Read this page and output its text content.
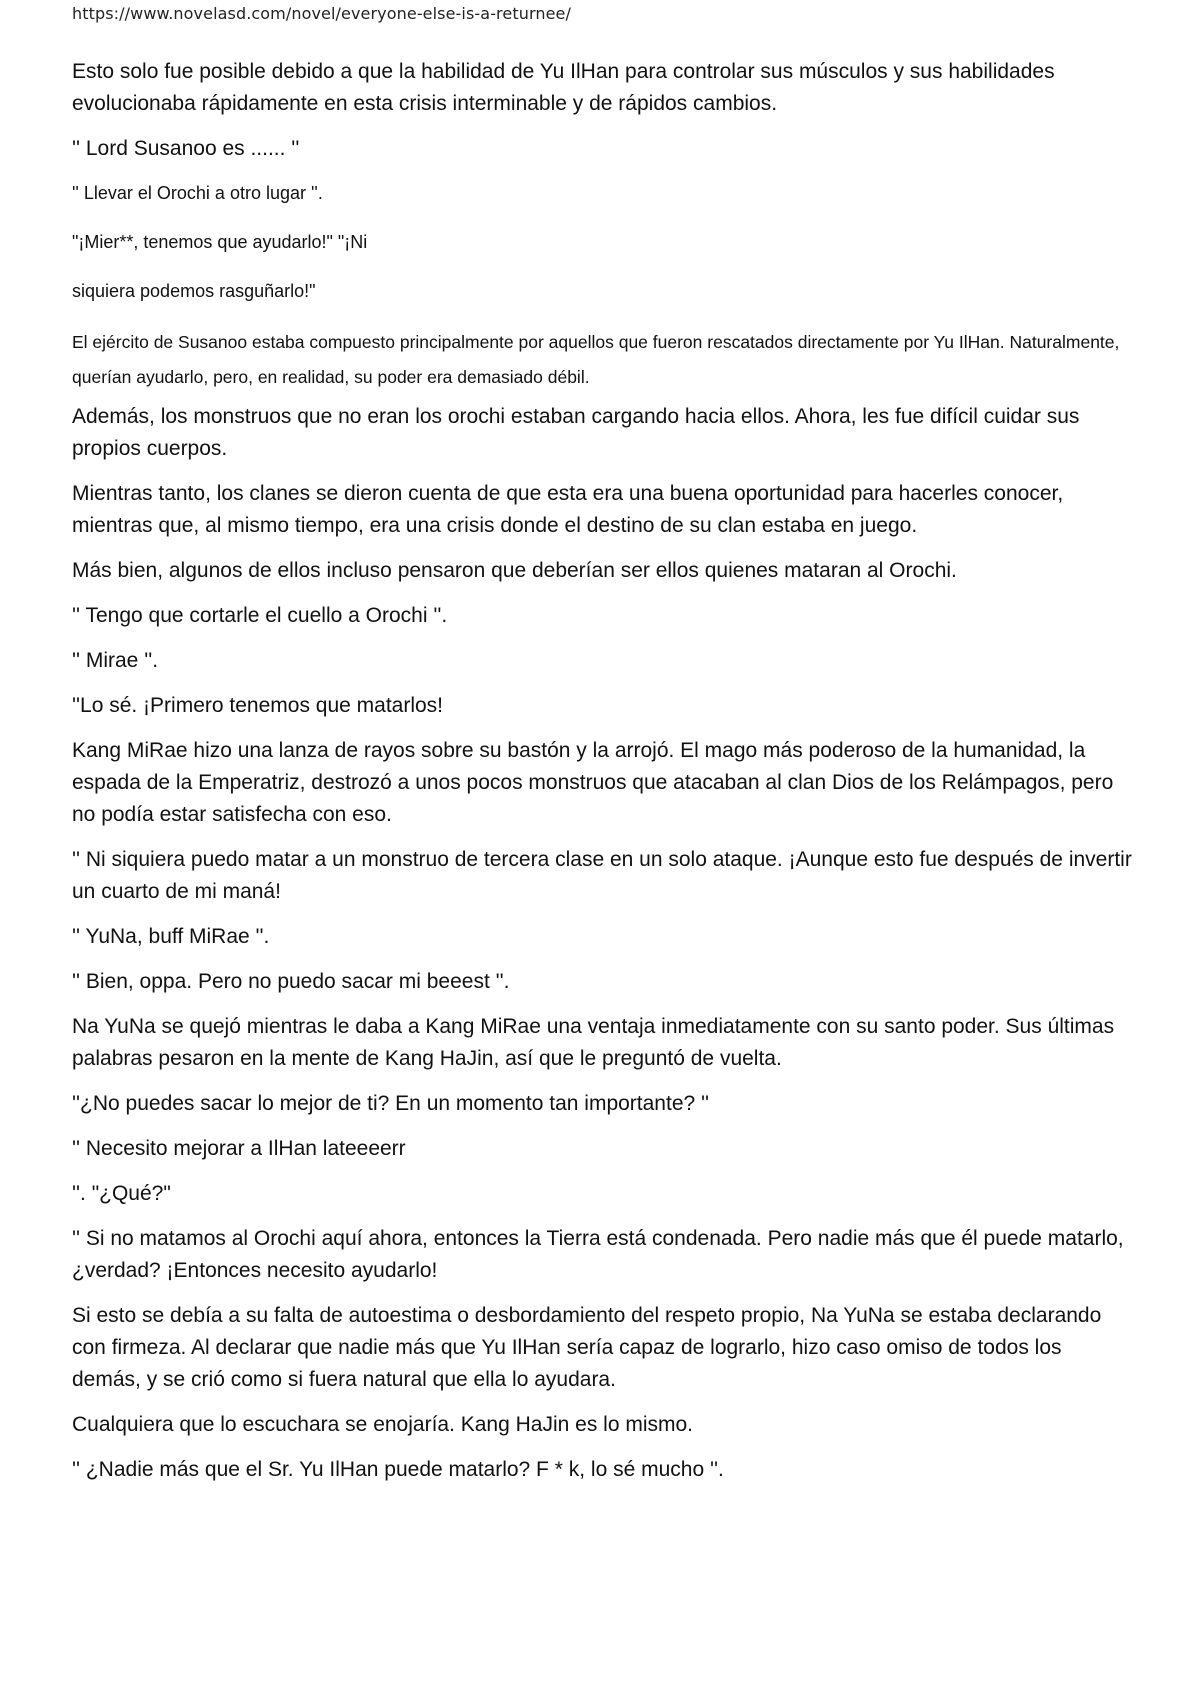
https://www.novelasd.com/novel/everyone-else-is-a-returnee/

Esto solo fue posible debido a que la habilidad de Yu IlHan para controlar sus músculos y sus habilidades evolucionaba rápidamente en esta crisis interminable y de rápidos cambios.

'' Lord Susanoo es ...... ''

'' Llevar el Orochi a otro lugar ''.

"¡Mier**, tenemos que ayudarlo!" "¡Ni

siquiera podemos rasguñarlo!"

El ejército de Susanoo estaba compuesto principalmente por aquellos que fueron rescatados directamente por Yu IlHan. Naturalmente, querían ayudarlo, pero, en realidad, su poder era demasiado débil.

Además, los monstruos que no eran los orochi estaban cargando hacia ellos. Ahora, les fue difícil cuidar sus propios cuerpos.

Mientras tanto, los clanes se dieron cuenta de que esta era una buena oportunidad para hacerles conocer, mientras que, al mismo tiempo, era una crisis donde el destino de su clan estaba en juego.

Más bien, algunos de ellos incluso pensaron que deberían ser ellos quienes mataran al Orochi.

'' Tengo que cortarle el cuello a Orochi ''.

'' Mirae ''.

''Lo sé. ¡Primero tenemos que matarlos!

Kang MiRae hizo una lanza de rayos sobre su bastón y la arrojó. El mago más poderoso de la humanidad, la espada de la Emperatriz, destrozó a unos pocos monstruos que atacaban al clan Dios de los Relámpagos, pero no podía estar satisfecha con eso.

'' Ni siquiera puedo matar a un monstruo de tercera clase en un solo ataque. ¡Aunque esto fue después de invertir un cuarto de mi maná!

'' YuNa, buff MiRae ''.

'' Bien, oppa. Pero no puedo sacar mi beeest ''.

Na YuNa se quejó mientras le daba a Kang MiRae una ventaja inmediatamente con su santo poder. Sus últimas palabras pesaron en la mente de Kang HaJin, así que le preguntó de vuelta.

''¿No puedes sacar lo mejor de ti? En un momento tan importante? ''

'' Necesito mejorar a IlHan lateeeerr

''. "¿Qué?"

'' Si no matamos al Orochi aquí ahora, entonces la Tierra está condenada. Pero nadie más que él puede matarlo, ¿verdad? ¡Entonces necesito ayudarlo!

Si esto se debía a su falta de autoestima o desbordamiento del respeto propio, Na YuNa se estaba declarando con firmeza. Al declarar que nadie más que Yu IlHan sería capaz de lograrlo, hizo caso omiso de todos los demás, y se crió como si fuera natural que ella lo ayudara.

Cualquiera que lo escuchara se enojaría. Kang HaJin es lo mismo.

'' ¿Nadie más que el Sr. Yu IlHan puede matarlo? F * k, lo sé mucho ''.
